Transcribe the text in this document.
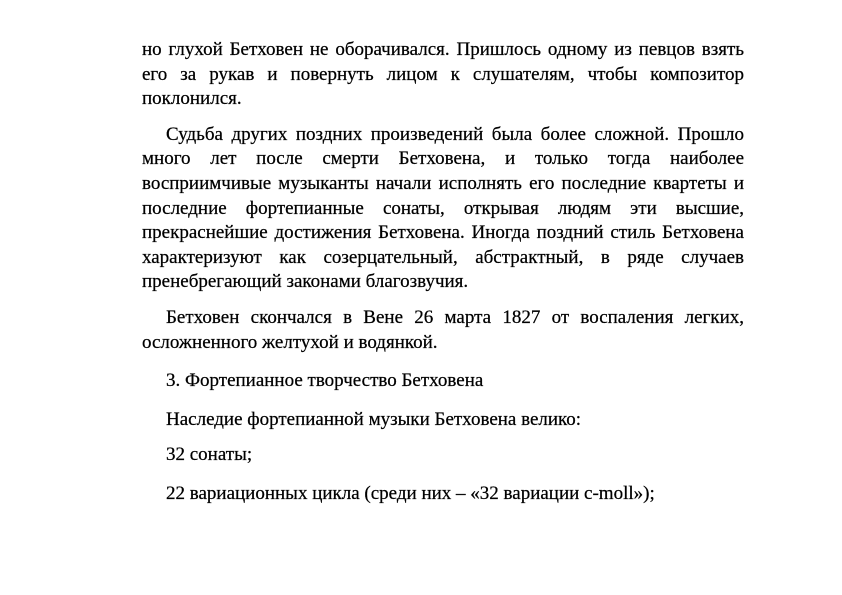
но глухой Бетховен не оборачивался. Пришлось одному из певцов взять его за рукав и повернуть лицом к слушателям, чтобы композитор поклонился.

Судьба других поздних произведений была более сложной. Прошло много лет после смерти Бетховена, и только тогда наиболее восприимчивые музыканты начали исполнять его последние квартеты и последние фортепианные сонаты, открывая людям эти высшие, прекраснейшие достижения Бетховена. Иногда поздний стиль Бетховена характеризуют как созерцательный, абстрактный, в ряде случаев пренебрегающий законами благозвучия.

Бетховен скончался в Вене 26 марта 1827 от воспаления легких, осложненного желтухой и водянкой.

3. Фортепианное творчество Бетховена

Наследие фортепианной музыки Бетховена велико:

32 сонаты;

22 вариационных цикла (среди них – «32 вариации c-moll»);
